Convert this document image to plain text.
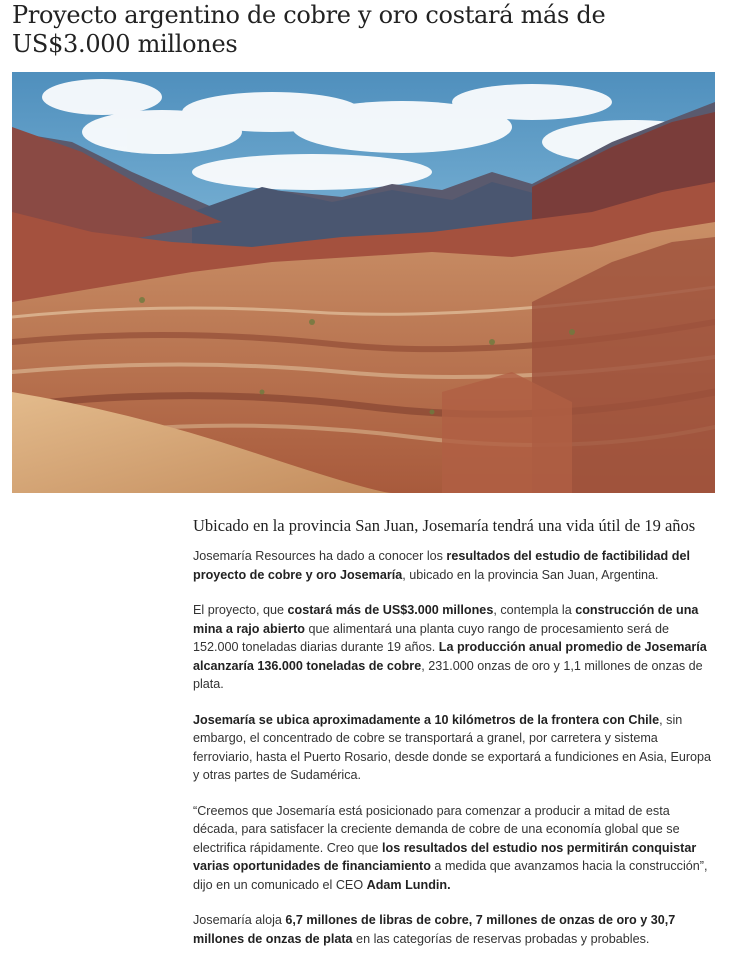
Proyecto argentino de cobre y oro costará más de US$3.000 millones
Ubicado en la provincia San Juan, Josemaría tendrá una vida útil de 19 años

Josemaría Resources ha dado a conocer los resultados del estudio de factibilidad del proyecto de cobre y oro Josemaría, ubicado en la provincia San Juan, Argentina.

El proyecto, que costará más de US$3.000 millones, contempla la construcción de una mina a rajo abierto que alimentará una planta cuyo rango de procesamiento será de 152.000 toneladas diarias durante 19 años. La producción anual promedio de Josemaría alcanzaría 136.000 toneladas de cobre, 231.000 onzas de oro y 1,1 millones de onzas de plata.

Josemaría se ubica aproximadamente a 10 kilómetros de la frontera con Chile, sin embargo, el concentrado de cobre se transportará a granel, por carretera y sistema ferroviario, hasta el Puerto Rosario, desde donde se exportará a fundiciones en Asia, Europa y otras partes de Sudamérica.

“Creemos que Josemaría está posicionado para comenzar a producir a mitad de esta década, para satisfacer la creciente demanda de cobre de una economía global que se electrifica rápidamente. Creo que los resultados del estudio nos permitirán conquistar varias oportunidades de financiamiento a medida que avanzamos hacia la construcción”, dijo en un comunicado el CEO Adam Lundin.

Josemaría aloja 6,7 millones de libras de cobre, 7 millones de onzas de oro y 30,7 millones de onzas de plata en las categorías de reservas probadas y probables.
